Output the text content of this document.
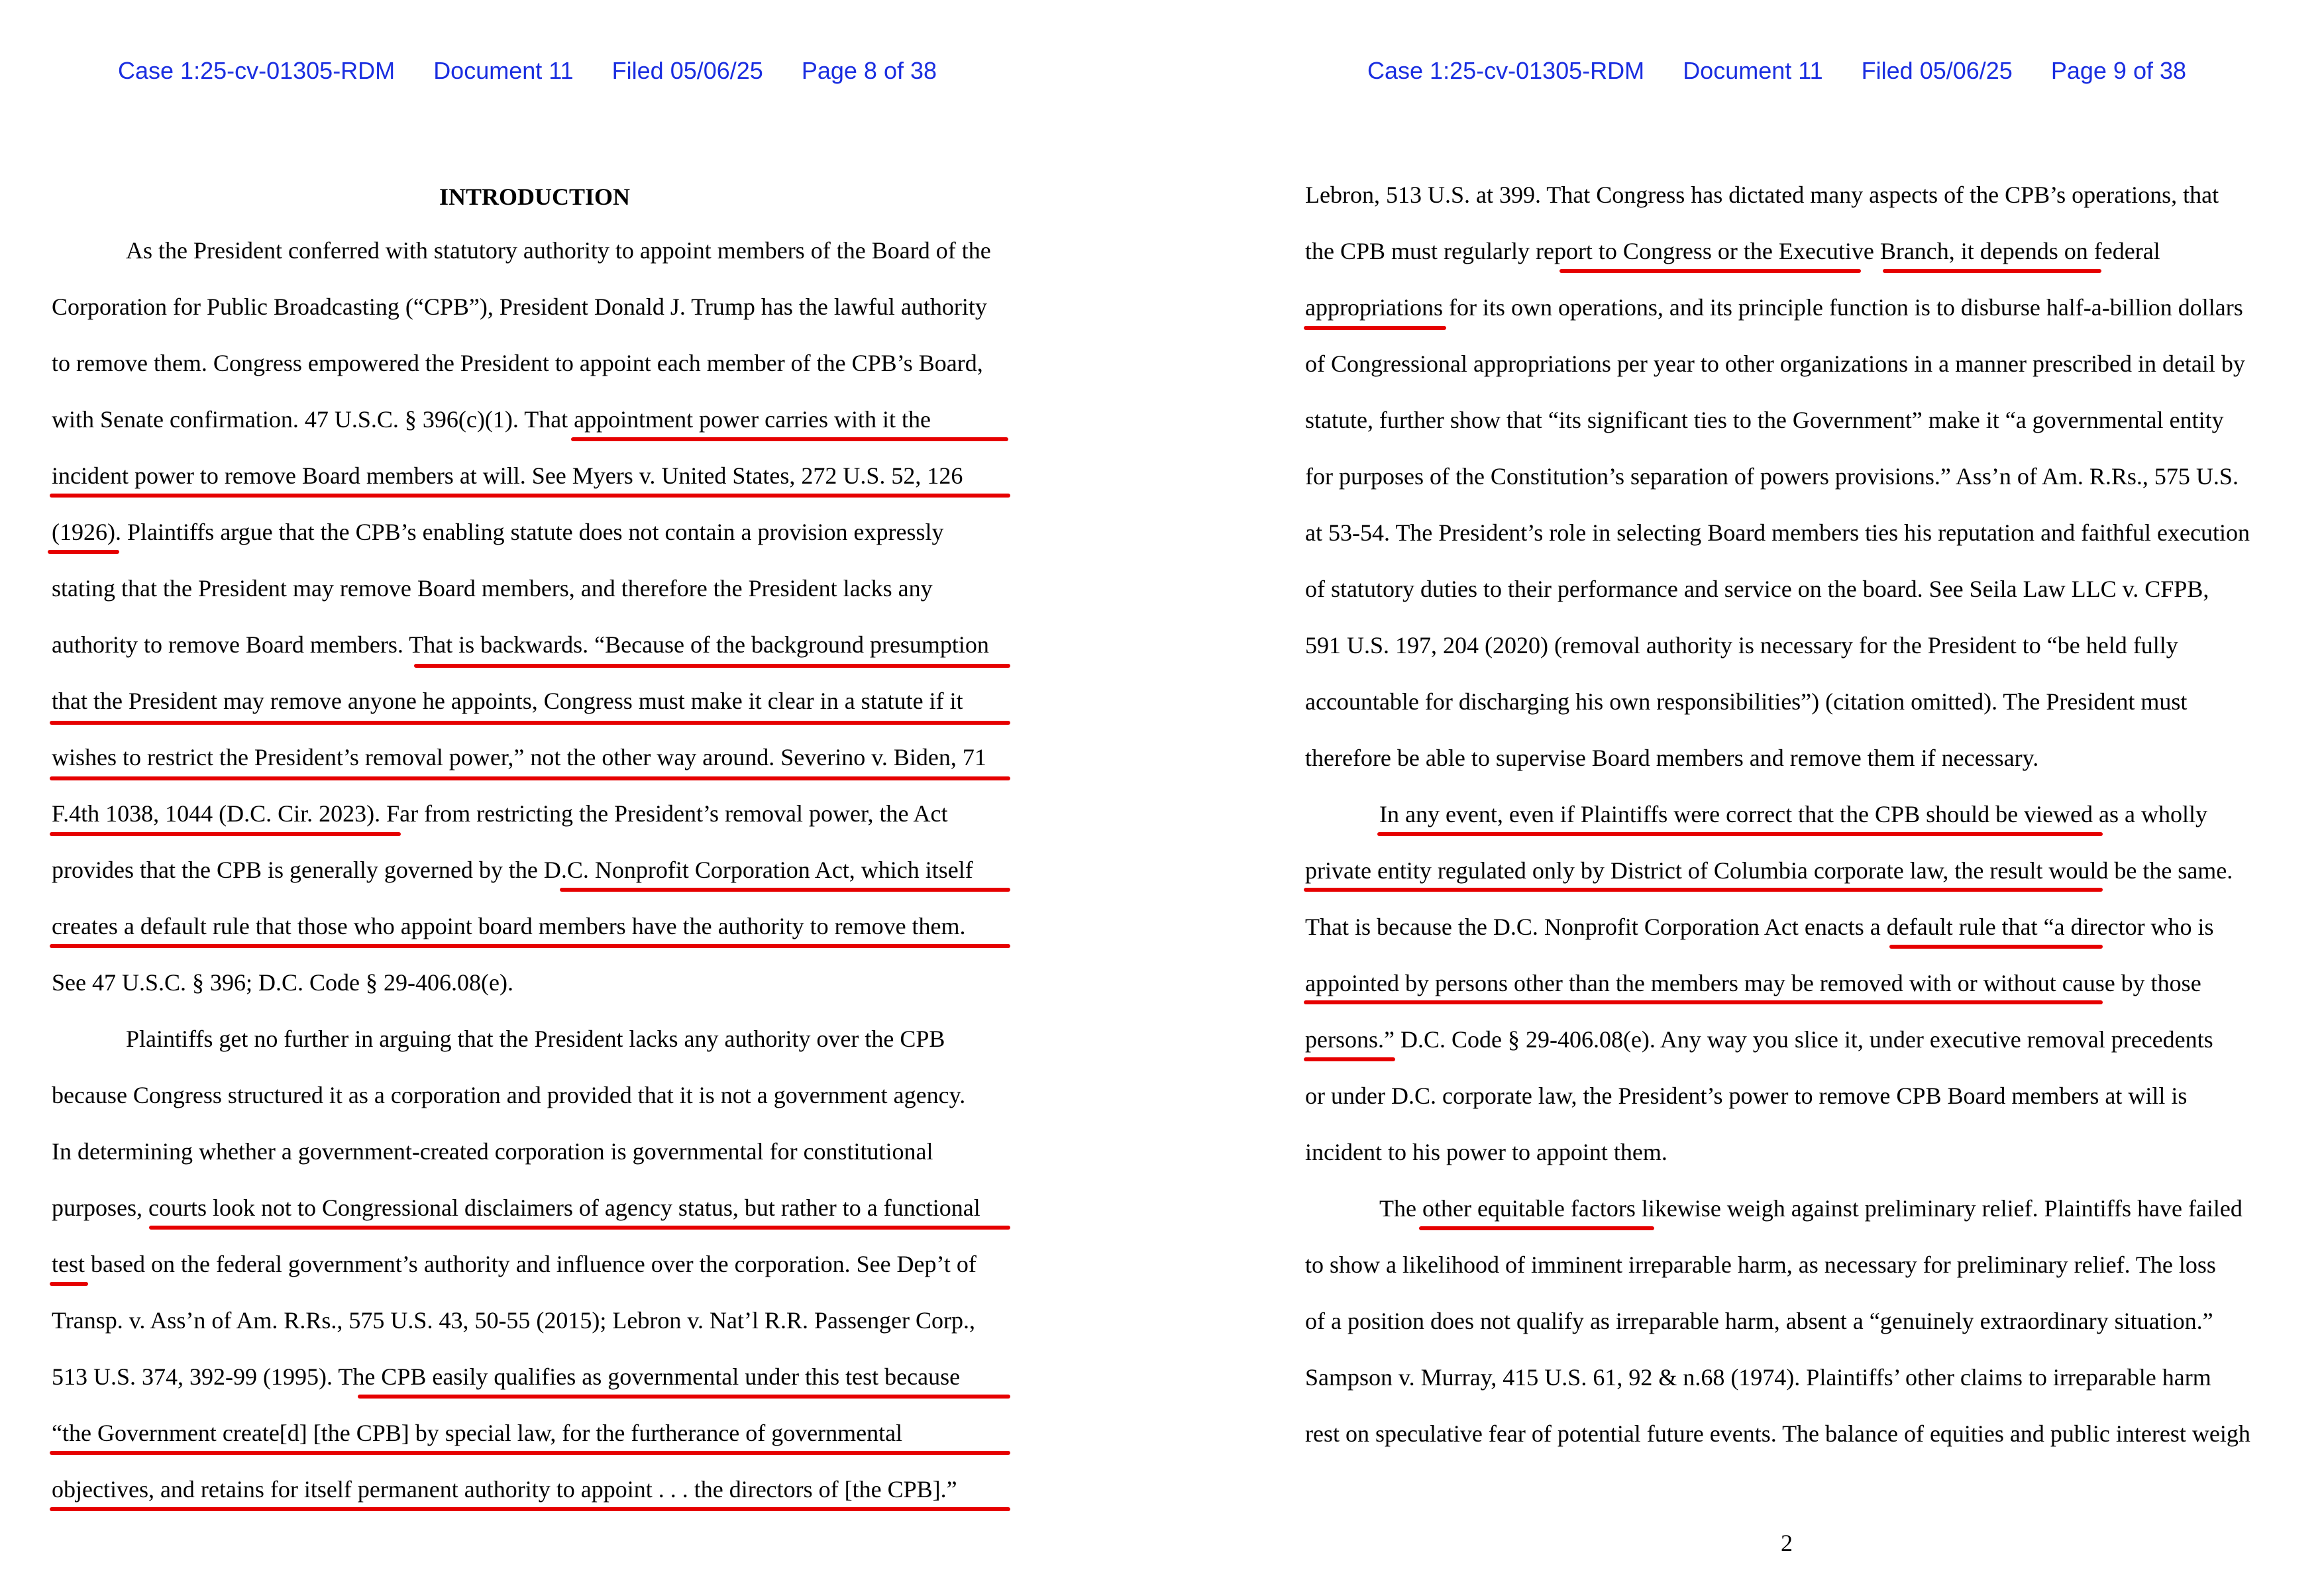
Case 1:25-cv-01305-RDM Document 11 Filed 05/06/25 Page 8 of 38
INTRODUCTION
As the President conferred with statutory authority to appoint members of the Board of the
Corporation for Public Broadcasting (“CPB”), President Donald J. Trump has the lawful authority
to remove them. Congress empowered the President to appoint each member of the CPB’s Board,
with Senate confirmation. 47 U.S.C. § 396(c)(1). That appointment power carries with it the
incident power to remove Board members at will. See Myers v. United States, 272 U.S. 52, 126
(1926). Plaintiffs argue that the CPB’s enabling statute does not contain a provision expressly
stating that the President may remove Board members, and therefore the President lacks any
authority to remove Board members. That is backwards. “Because of the background presumption
that the President may remove anyone he appoints, Congress must make it clear in a statute if it
wishes to restrict the President’s removal power,” not the other way around. Severino v. Biden, 71
F.4th 1038, 1044 (D.C. Cir. 2023). Far from restricting the President’s removal power, the Act
provides that the CPB is generally governed by the D.C. Nonprofit Corporation Act, which itself
creates a default rule that those who appoint board members have the authority to remove them.
See 47 U.S.C. § 396; D.C. Code § 29-406.08(e).
Plaintiffs get no further in arguing that the President lacks any authority over the CPB
because Congress structured it as a corporation and provided that it is not a government agency.
In determining whether a government-created corporation is governmental for constitutional
purposes, courts look not to Congressional disclaimers of agency status, but rather to a functional
test based on the federal government’s authority and influence over the corporation. See Dep’t of
Transp. v. Ass’n of Am. R.Rs., 575 U.S. 43, 50-55 (2015); Lebron v. Nat’l R.R. Passenger Corp.,
513 U.S. 374, 392-99 (1995). The CPB easily qualifies as governmental under this test because
“the Government create[d] [the CPB] by special law, for the furtherance of governmental
objectives, and retains for itself permanent authority to appoint . . . the directors of [the CPB].”
Case 1:25-cv-01305-RDM Document 11 Filed 05/06/25 Page 9 of 38
Lebron, 513 U.S. at 399. That Congress has dictated many aspects of the CPB’s operations, that
the CPB must regularly report to Congress or the Executive Branch, it depends on federal
appropriations for its own operations, and its principle function is to disburse half-a-billion dollars
of Congressional appropriations per year to other organizations in a manner prescribed in detail by
statute, further show that “its significant ties to the Government” make it “a governmental entity
for purposes of the Constitution’s separation of powers provisions.” Ass’n of Am. R.Rs., 575 U.S.
at 53-54. The President’s role in selecting Board members ties his reputation and faithful execution
of statutory duties to their performance and service on the board. See Seila Law LLC v. CFPB,
591 U.S. 197, 204 (2020) (removal authority is necessary for the President to “be held fully
accountable for discharging his own responsibilities”) (citation omitted). The President must
therefore be able to supervise Board members and remove them if necessary.
In any event, even if Plaintiffs were correct that the CPB should be viewed as a wholly
private entity regulated only by District of Columbia corporate law, the result would be the same.
That is because the D.C. Nonprofit Corporation Act enacts a default rule that “a director who is
appointed by persons other than the members may be removed with or without cause by those
persons.” D.C. Code § 29-406.08(e). Any way you slice it, under executive removal precedents
or under D.C. corporate law, the President’s power to remove CPB Board members at will is
incident to his power to appoint them.
The other equitable factors likewise weigh against preliminary relief. Plaintiffs have failed
to show a likelihood of imminent irreparable harm, as necessary for preliminary relief. The loss
of a position does not qualify as irreparable harm, absent a “genuinely extraordinary situation.”
Sampson v. Murray, 415 U.S. 61, 92 & n.68 (1974). Plaintiffs’ other claims to irreparable harm
rest on speculative fear of potential future events. The balance of equities and public interest weigh
2
